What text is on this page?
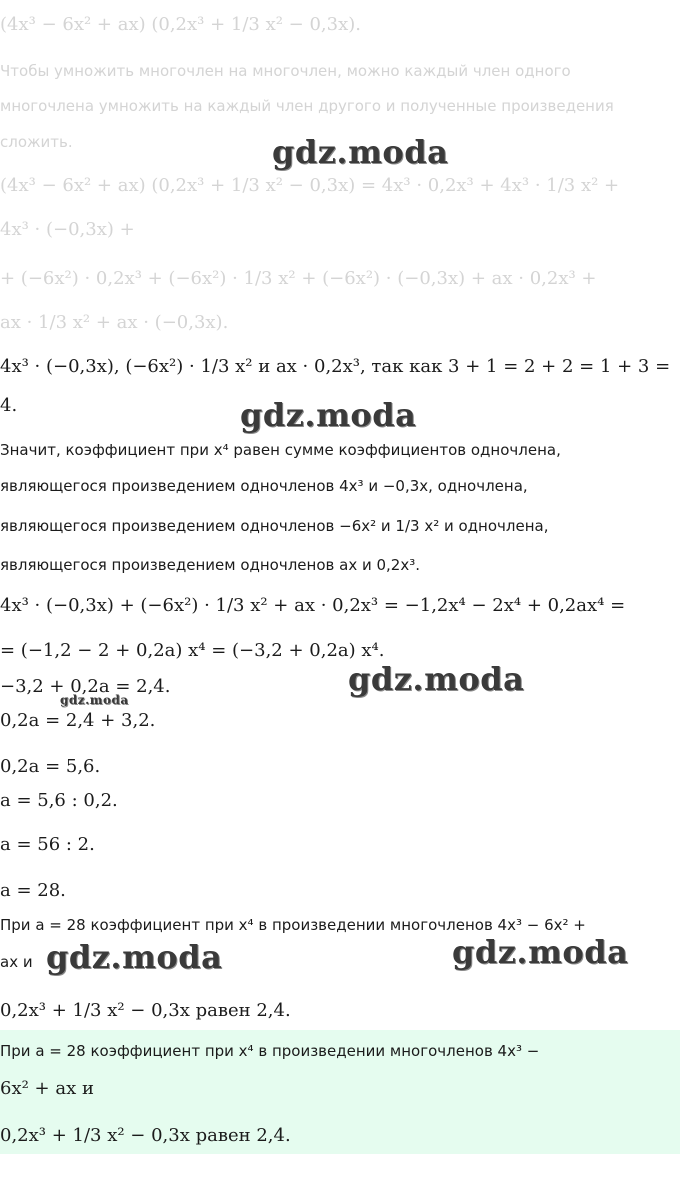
(4x³ − 6x² + ax) (0,2x³ + 1/3 x² − 0,3x).
Чтобы умножить многочлен на многочлен, можно каждый член одного
многочлена умножить на каждый член другого и полученные произведения
сложить.
(4x³ − 6x² + ax) (0,2x³ + 1/3 x² − 0,3x) = 4x³ · 0,2x³ + 4x³ · 1/3 x² +
4x³ · (−0,3x) +
+ (−6x²) · 0,2x³ + (−6x²) · 1/3 x² + (−6x²) · (−0,3x) + ax · 0,2x³ +
ax · 1/3 x² + ax · (−0,3x).
4x³ · (−0,3x), (−6x²) · 1/3 x² и ax · 0,2x³, так как 3 + 1 = 2 + 2 = 1 + 3 =
4.
Значит, коэффициент при x⁴ равен сумме коэффициентов одночлена,
являющегося произведением одночленов 4x³ и −0,3x, одночлена,
являющегося произведением одночленов −6x² и 1/3 x² и одночлена,
являющегося произведением одночленов ax и 0,2x³.
4x³ · (−0,3x) + (−6x²) · 1/3 x² + ax · 0,2x³ = −1,2x⁴ − 2x⁴ + 0,2ax⁴ =
= (−1,2 − 2 + 0,2a) x⁴ = (−3,2 + 0,2a) x⁴.
−3,2 + 0,2a = 2,4.
0,2a = 2,4 + 3,2.
0,2a = 5,6.
a = 5,6 : 0,2.
a = 56 : 2.
a = 28.
При a = 28 коэффициент при x⁴ в произведении многочленов 4x³ − 6x² +
ax и
0,2x³ + 1/3 x² − 0,3x равен 2,4.
При a = 28 коэффициент при x⁴ в произведении многочленов 4x³ −
6x² + ax и
0,2x³ + 1/3 x² − 0,3x равен 2,4.
gdz.moda
gdz.moda
gdz.moda
gdz.moda
gdz.moda	gdz.moda
